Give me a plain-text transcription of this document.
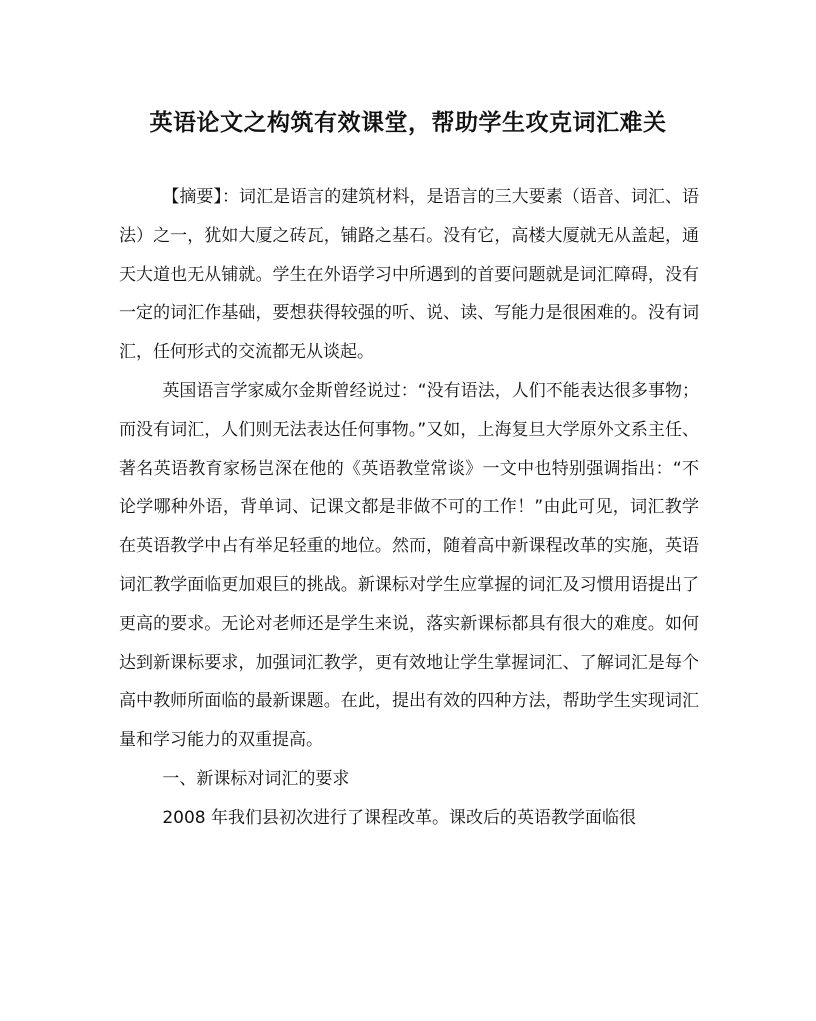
英语论文之构筑有效课堂，帮助学生攻克词汇难关

【摘要】：词汇是语言的建筑材料，是语言的三大要素（语音、词汇、语法）之一，犹如大厦之砖瓦，铺路之基石。没有它，高楼大厦就无从盖起，通天大道也无从铺就。学生在外语学习中所遇到的首要问题就是词汇障碍，没有一定的词汇作基础，要想获得较强的听、说、读、写能力是很困难的。没有词汇，任何形式的交流都无从谈起。

英国语言学家威尔金斯曾经说过：“没有语法，人们不能表达很多事物；而没有词汇，人们则无法表达任何事物。”又如，上海复旦大学原外文系主任、著名英语教育家杨岂深在他的《英语教堂常谈》一文中也特别强调指出：“不论学哪种外语，背单词、记课文都是非做不可的工作！”由此可见，词汇教学在英语教学中占有举足轻重的地位。然而，随着高中新课程改革的实施，英语词汇教学面临更加艰巨的挑战。新课标对学生应掌握的词汇及习惯用语提出了更高的要求。无论对老师还是学生来说，落实新课标都具有很大的难度。如何达到新课标要求，加强词汇教学，更有效地让学生掌握词汇、了解词汇是每个高中教师所面临的最新课题。在此，提出有效的四种方法，帮助学生实现词汇量和学习能力的双重提高。

一、新课标对词汇的要求

2008 年我们县初次进行了课程改革。课改后的英语教学面临很
